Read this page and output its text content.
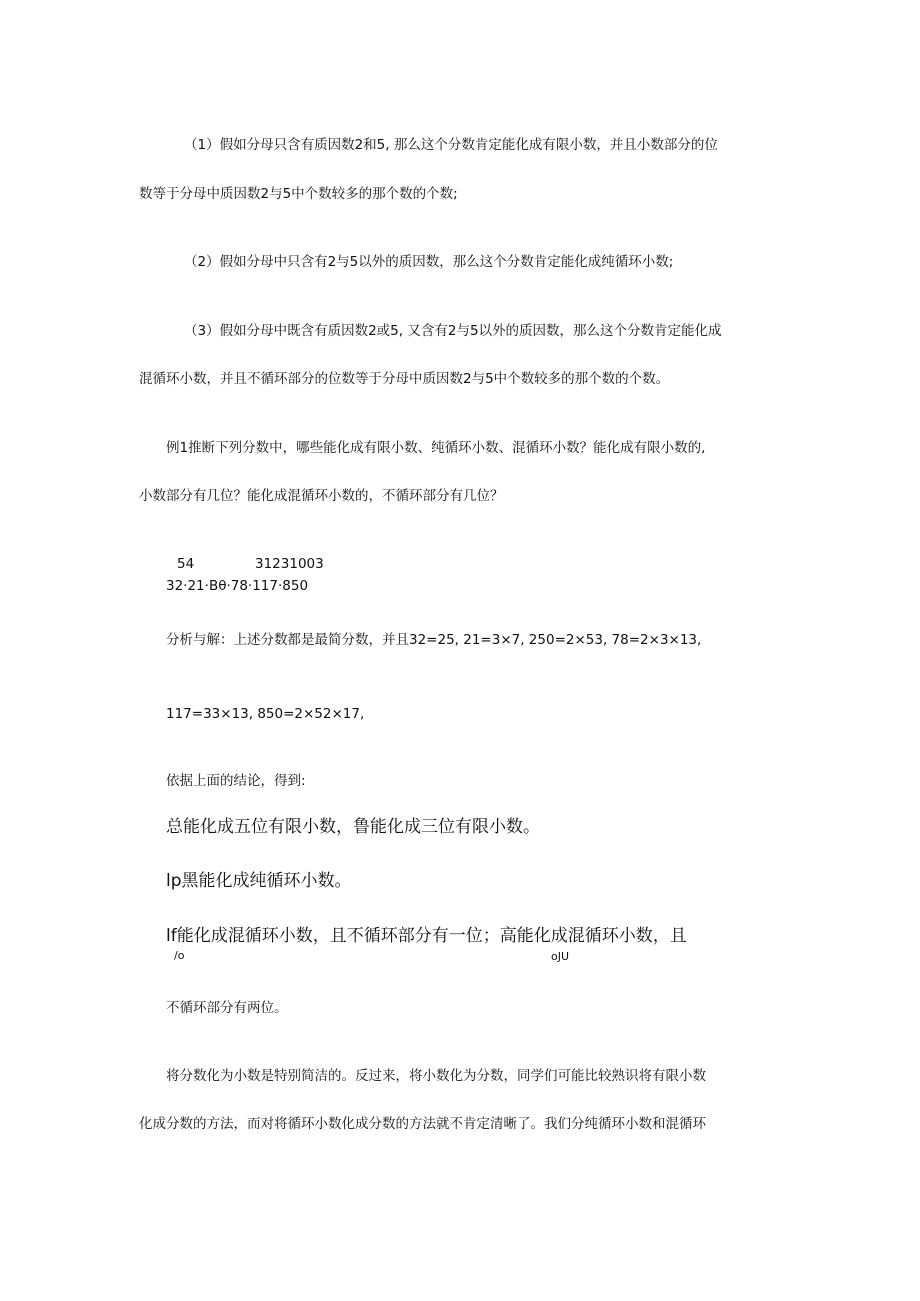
（1）假如分母只含有质因数2和5, 那么这个分数肯定能化成有限小数，并且小数部分的位
数等于分母中质因数2与5中个数较多的那个数的个数;
（2）假如分母中只含有2与5以外的质因数，那么这个分数肯定能化成纯循环小数;
（3）假如分母中既含有质因数2或5, 又含有2与5以外的质因数，那么这个分数肯定能化成
混循环小数，并且不循环部分的位数等于分母中质因数2与5中个数较多的那个数的个数。
例1推断下列分数中，哪些能化成有限小数、纯循环小数、混循环小数？能化成有限小数的,
小数部分有几位？能化成混循环小数的，不循环部分有几位？
54	31231003
32·21·Bθ·78·117·850
分析与解：上述分数都是最简分数，并且32=25, 21=3×7, 250=2×53, 78=2×3×13,
117=33×13, 850=2×52×17,
依据上面的结论，得到:
总能化成五位有限小数，鲁能化成三位有限小数。
lp黑能化成纯循环小数。
lf能化成混循环小数，且不循环部分有一位；高能化成混循环小数，且
/o	oJU
不循环部分有两位。
将分数化为小数是特别简洁的。反过来，将小数化为分数，同学们可能比较熟识将有限小数
化成分数的方法，而对将循环小数化成分数的方法就不肯定清晰了。我们分纯循环小数和混循环
